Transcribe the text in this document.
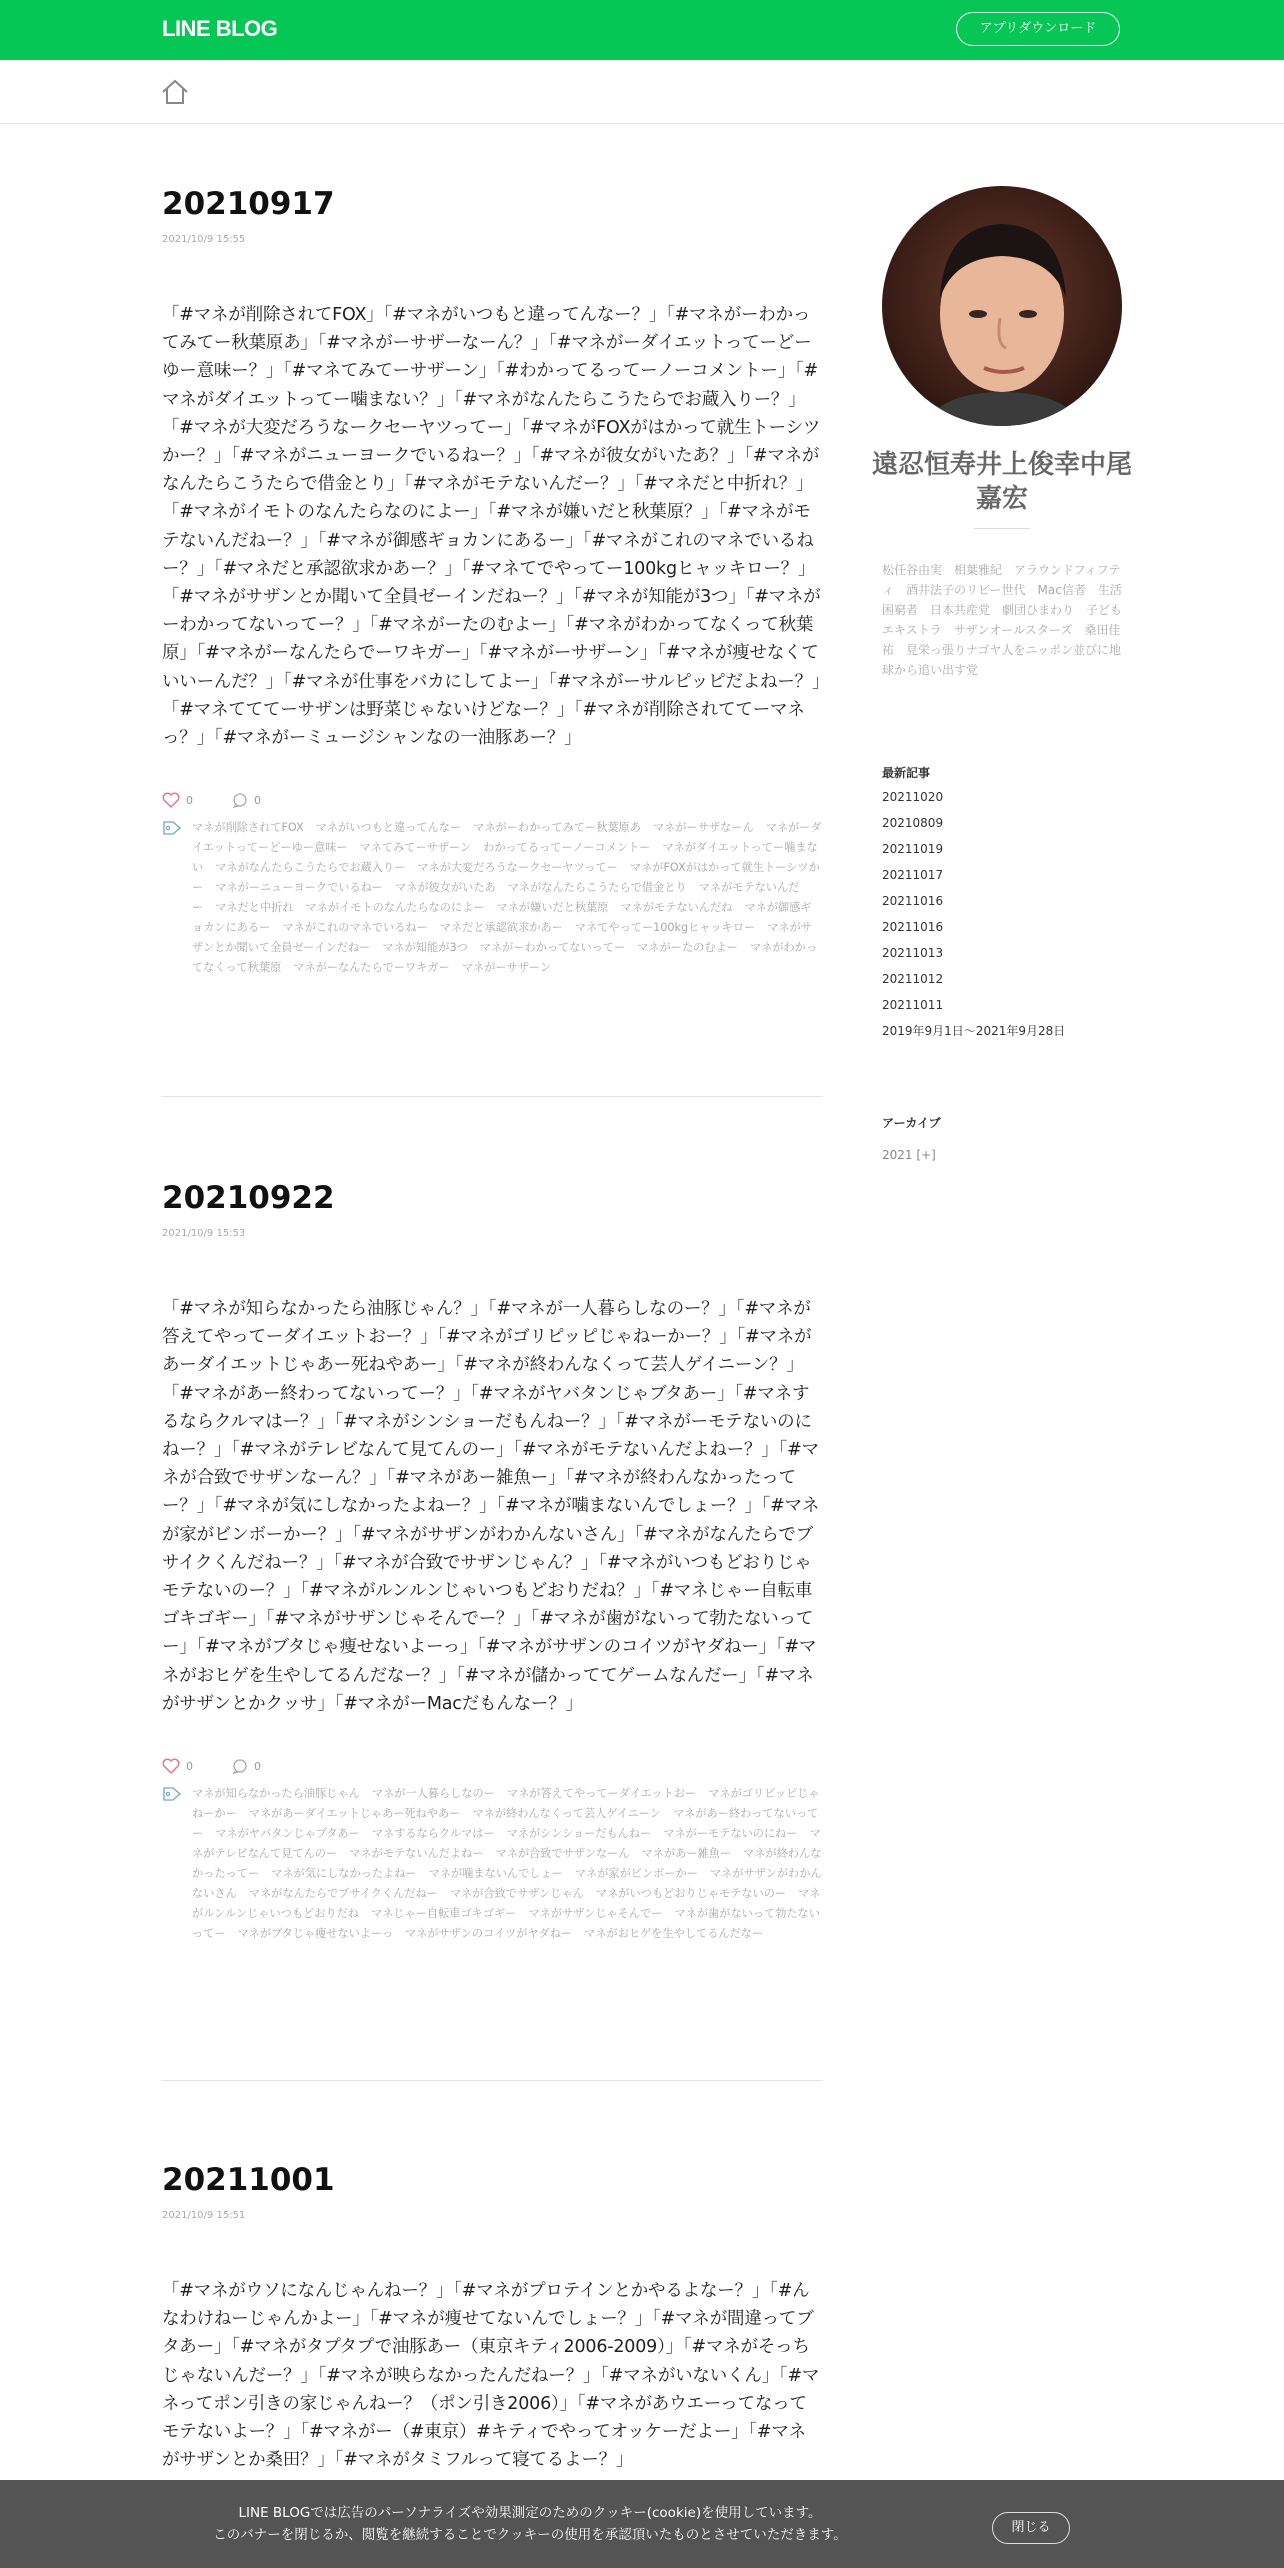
LINE BLOG	アプリダウンロード
20210917
2021/10/9 15:55
「#マネが削除されてFOX」「#マネがいつもと違ってんなー？」「#マネがーわかってみてー秋葉原あ」「#マネがーサザーなーん？」「#マネがーダイエットってーどーゆー意味ー？」「#マネてみてーサザーン」「#わかってるってーノーコメントー」「#マネがダイエットってー噛まない？」「#マネがなんたらこうたらでお蔵入りー？」「#マネが大変だろうなークセーヤツってー」「#マネがFOXがはかって就生トーシツかー？」「#マネがニューヨークでいるねー？」「#マネが彼女がいたあ？」「#マネがなんたらこうたらで借金とり」「#マネがモテないんだー？」「#マネだと中折れ？」「#マネがイモトのなんたらなのによー」「#マネが嫌いだと秋葉原？」「#マネがモテないんだねー？」「#マネが御感ギョカンにあるー」「#マネがこれのマネでいるねー？」「#マネだと承認欲求かあー？」「#マネてでやってー100kgヒャッキロー？」「#マネがサザンとか聞いて全員ゼーインだねー？」「#マネが知能が3つ」「#マネがーわかってないってー？」「#マネがーたのむよー」「#マネがわかってなくって秋葉原」「#マネがーなんたらでーワキガー」「#マネがーサザーン」「#マネが痩せなくていいーんだ？」「#マネが仕事をバカにしてよー」「#マネがーサルピッピだよねー？」「#マネてててーサザンは野菜じゃないけどなー？」「#マネが削除されててーマネっ？」「#マネがーミュージシャンなの一油豚あー？」
0	0
マネが削除されてFOX マネがいつもと違ってんなー マネがーわかってみてー秋葉原あ マネがーサザなーん マネがーダイエットってーどーゆー意味ー マネてみてーサザーン わかってるってーノーコメントー マネがダイエットってー噛まない マネがなんたらこうたらでお蔵入りー マネが大変だろうなークセーヤツってー マネがFOXがはかって就生トーシツかー マネがーニューヨークでいるねー マネが彼女がいたあ マネがなんたらこうたらで借金とり マネがモテないんだー マネだと中折れ マネがイモトのなんたらなのによー マネが嫌いだと秋葉原 マネがモテないんだね マネが御感ギョカンにあるー マネがこれのマネでいるねー マネだと承認欲求かあー マネてやってー100kgヒャッキロー マネがサザンとか聞いて全員ゼーインだねー マネが知能が3つ マネがーわかってないってー マネがーたのむよー マネがわかってなくって秋葉原 マネがーなんたらでーワキガー マネがーサザーン
20210922
2021/10/9 15:53
「#マネが知らなかったら油豚じゃん？」「#マネが一人暮らしなのー？」「#マネが答えてやってーダイエットおー？」「#マネがゴリピッピじゃねーかー？」「#マネがあーダイエットじゃあー死ねやあー」「#マネが終わんなくって芸人ゲイニーン？」「#マネがあー終わってないってー？」「#マネがヤバタンじゃブタあー」「#マネするならクルマはー？」「#マネがシンショーだもんねー？」「#マネがーモテないのにねー？」「#マネがテレビなんて見てんのー」「#マネがモテないんだよねー？」「#マネが合致でサザンなーん？」「#マネがあー雑魚ー」「#マネが終わんなかったってー？」「#マネが気にしなかったよねー？」「#マネが噛まないんでしょー？」「#マネが家がビンボーかー？」「#マネがサザンがわかんないさん」「#マネがなんたらでブサイクくんだねー？」「#マネが合致でサザンじゃん？」「#マネがいつもどおりじゃモテないのー？」「#マネがルンルンじゃいつもどおりだね？」「#マネじゃー自転車ゴキゴギー」「#マネがサザンじゃそんでー？」「#マネが歯がないって勃たないってー」「#マネがブタじゃ痩せないよーっ」「#マネがサザンのコイツがヤダねー」「#マネがおヒゲを生やしてるんだなー？」「#マネが儲かっててゲームなんだー」「#マネがサザンとかクッサ」「#マネがーMacだもんなー？」
0	0
マネが知らなかったら油豚じゃん マネが一人暮らしなのー マネが答えてやってーダイエットおー マネがゴリピッピじゃねーかー マネがあーダイエットじゃあー死ねやあー マネが終わんなくって芸人ゲイニーン マネがあー終わってないってー マネがヤバタンじゃブタあー マネするならクルマはー マネがシンショーだもんねー マネがーモテないのにねー マネがテレビなんて見てんのー マネがモテないんだよねー マネが合致でサザンなーん マネがあー雑魚ー マネが終わんなかったってー マネが気にしなかったよねー マネが噛まないんでしょー マネが家がビンボーかー マネがサザンがわかんないさん マネがなんたらでブサイクくんだねー マネが合致でサザンじゃん マネがいつもどおりじゃモテないのー マネがルンルンじゃいつもどおりだね マネじゃー自転車ゴキゴギー マネがサザンじゃそんでー マネが歯がないって勃たないってー マネがブタじゃ痩せないよーっ マネがサザンのコイツがヤダねー マネがおヒゲを生やしてるんだなー
20211001
2021/10/9 15:51
「#マネがウソになんじゃんねー？」「#マネがプロテインとかやるよなー？」「#んなわけねーじゃんかよー」「#マネが痩せてないんでしょー？」「#マネが間違ってブタあー」「#マネがタプタプで油豚あー（東京キティ2006-2009）」「#マネがそっちじゃないんだー？」「#マネが映らなかったんだねー？」「#マネがいないくん」「#マネってポン引きの家じゃんねー？（ポン引き2006）」「#マネがあウエーってなってモテないよー？」「#マネがー（#東京）#キティでやってオッケーだよー」「#マネがサザンとか桑田？」「#マネがタミフルって寝てるよー？」
遠忍恒寿井上俊幸中尾嘉宏
松任谷由実　相葉雅紀　アラウンドフィフティ　酒井法子のリビー世代　Mac信者　生活困窮者　日本共産党　劇団ひまわり　子どもエキストラ　サザンオールスターズ　桑田佳祐　見栄っ張りナゴヤ人をニッポン並びに地球から追い出す党
最新記事
20211020
20210809
20211019
20211017
20211016
20211016
20211013
20211012
20211011
2019年9月1日〜2021年9月28日
アーカイブ
2021 [+]
LINE BLOGでは広告のパーソナライズや効果測定のためのクッキー(cookie)を使用しています。
このバナーを閉じるか、閲覧を継続することでクッキーの使用を承認頂いたものとさせていただきます。	閉じる
